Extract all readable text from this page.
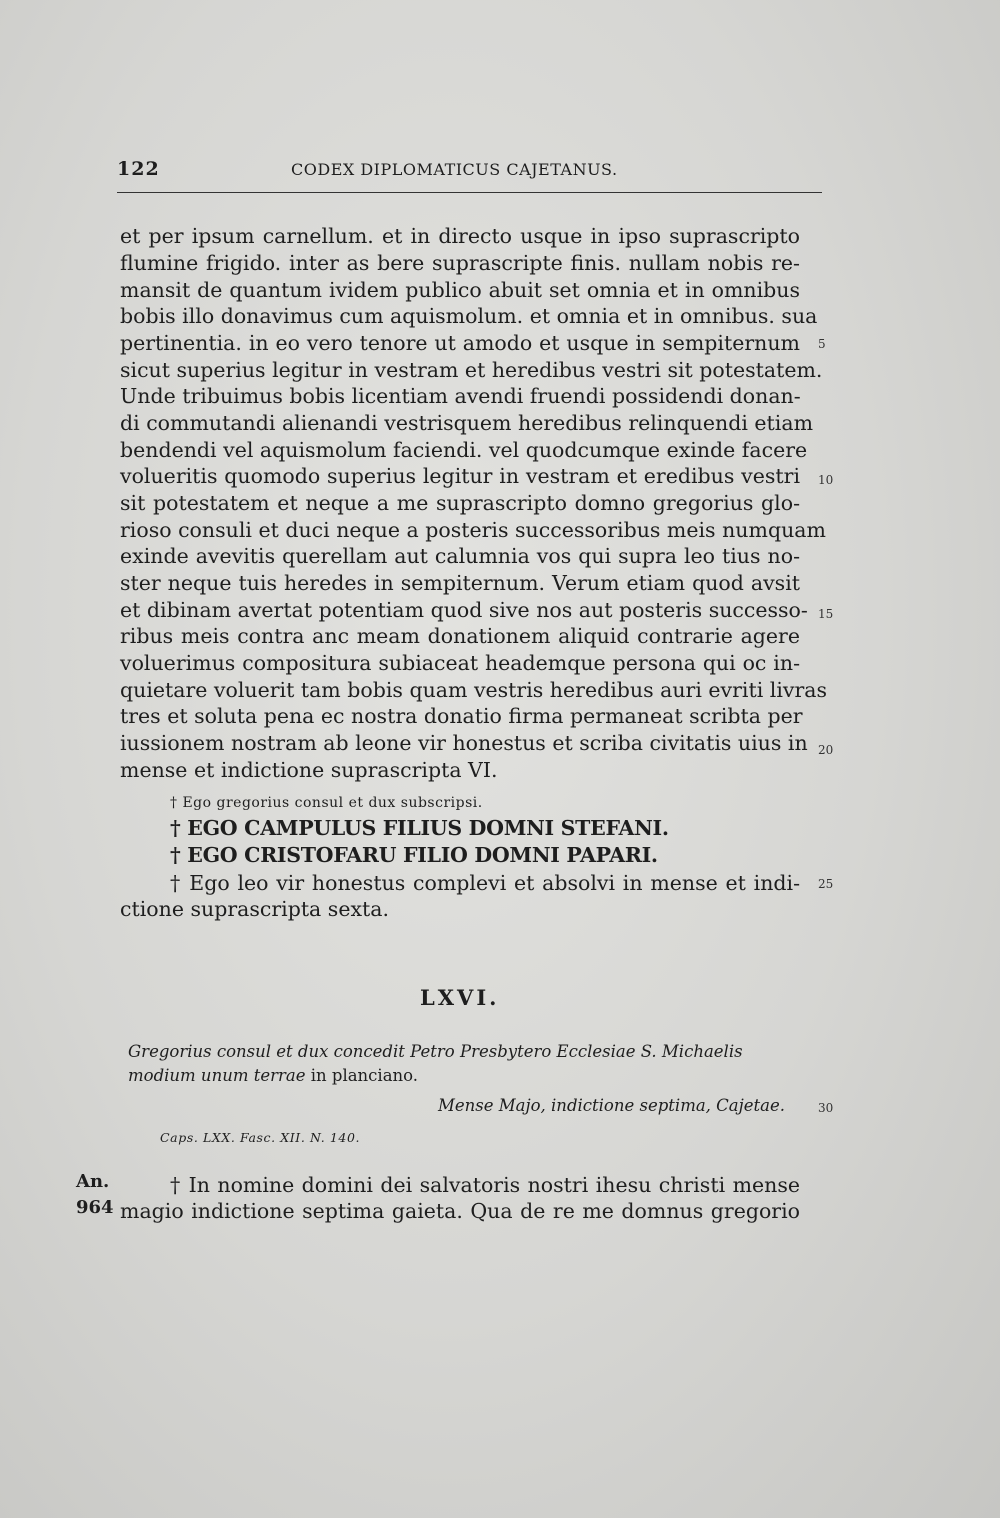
122	CODEX DIPLOMATICUS CAJETANUS.
et per ipsum carnellum. et in directo usque in ipso suprascripto
flumine frigido. inter as bere suprascripte finis. nullam nobis re-
mansit de quantum ividem publico abuit set omnia et in omnibus
bobis illo donavimus cum aquismolum. et omnia et in omnibus. sua
pertinentia. in eo vero tenore ut amodo et usque in sempiternum
sicut superius legitur in vestram et heredibus vestri sit potestatem.
Unde tribuimus bobis licentiam avendi fruendi possidendi donan-
di commutandi alienandi vestrisquem heredibus relinquendi etiam
bendendi vel aquismolum faciendi. vel quodcumque exinde facere
volueritis quomodo superius legitur in vestram et eredibus vestri
sit potestatem et neque a me suprascripto domno gregorius glo-
rioso consuli et duci neque a posteris successoribus meis numquam
exinde avevitis querellam aut calumnia vos qui supra leo tius no-
ster neque tuis heredes in sempiternum. Verum etiam quod avsit
et dibinam avertat potentiam quod sive nos aut posteris successo-
ribus meis contra anc meam donationem aliquid contrarie agere
voluerimus compositura subiaceat heademque persona qui oc in-
quietare voluerit tam bobis quam vestris heredibus auri evriti livras
tres et soluta pena ec nostra donatio firma permaneat scribta per
iussionem nostram ab leone vir honestus et scriba civitatis uius in
mense et indictione suprascripta VI.
† Ego gregorius consul et dux subscripsi.
† EGO CAMPULUS FILIUS DOMNI STEFANI.
† EGO CRISTOFARU FILIO DOMNI PAPARI.
† Ego leo vir honestus complevi et absolvi in mense et indi-
ctione suprascripta sexta.
5
10
15
20
25
30
LXVI.
Gregorius consul et dux concedit Petro Presbytero Ecclesiae S. Michaelis
modium unum terrae in planciano.
Mense Majo, indictione septima, Cajetae.
Caps. LXX. Fasc. XII. N. 140.
An.
964
† In nomine domini dei salvatoris nostri ihesu christi mense
magio indictione septima gaieta. Qua de re me domnus gregorio
